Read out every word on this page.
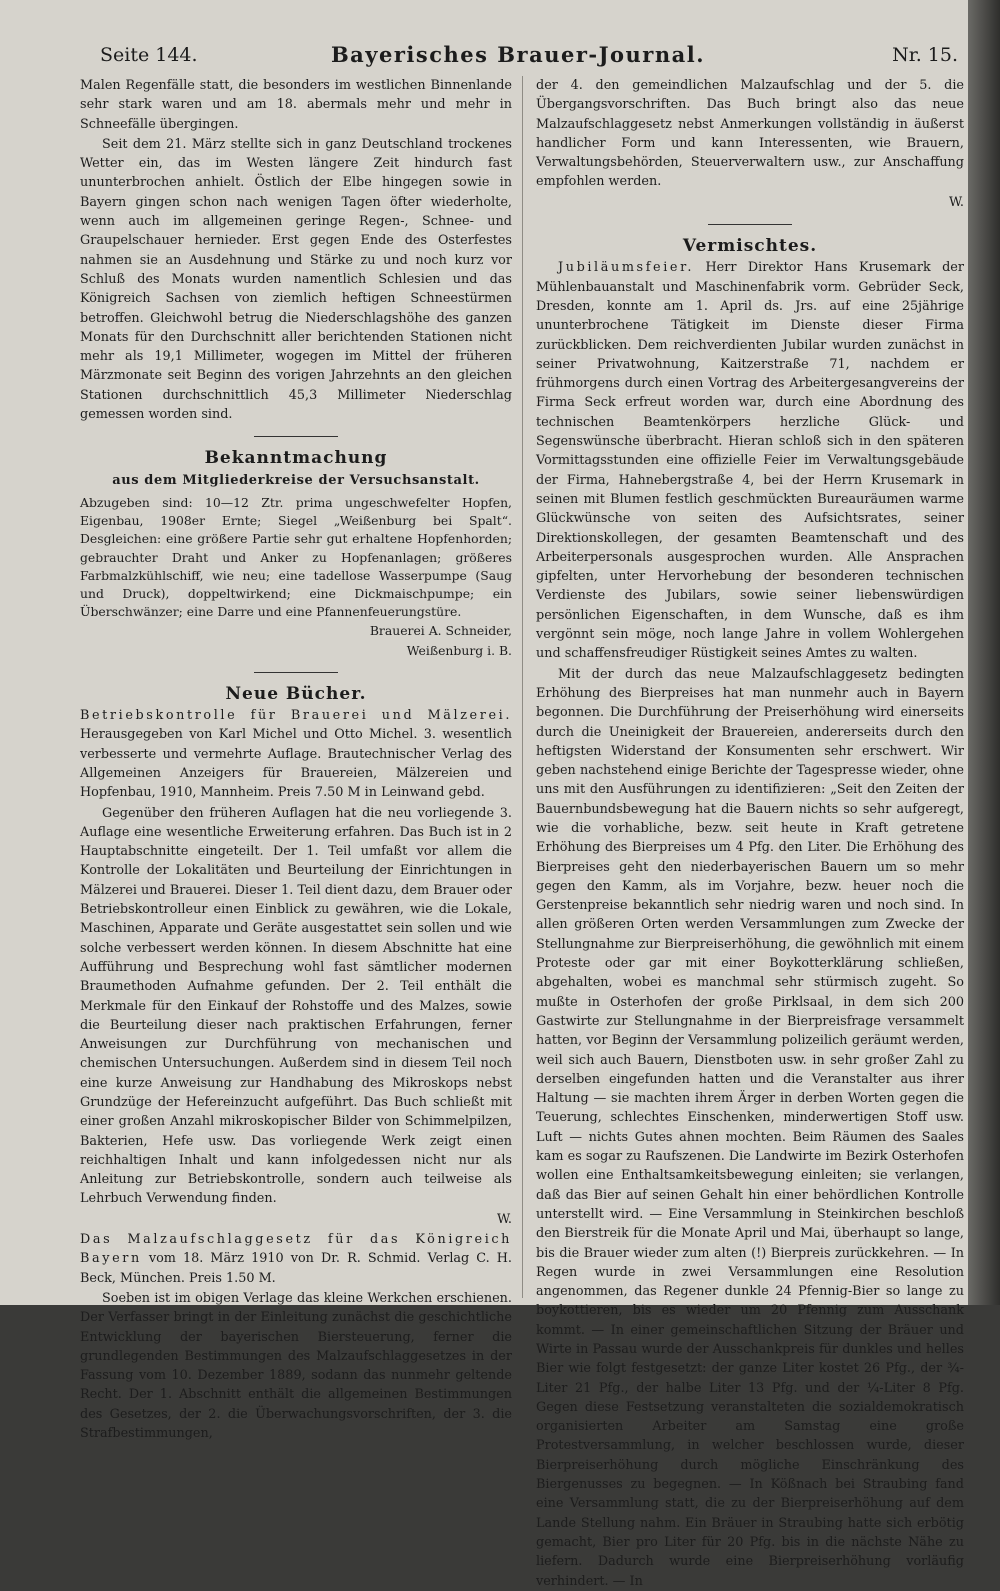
Seite 144.	Bayerisches Brauer-Journal.	Nr. 15.

Malen Regenfälle statt, die besonders im westlichen Binnenlande sehr stark waren und am 18. abermals mehr und mehr in Schneefälle übergingen.

Seit dem 21. März stellte sich in ganz Deutschland trockenes Wetter ein, das im Westen längere Zeit hindurch fast ununterbrochen anhielt. Östlich der Elbe hingegen sowie in Bayern gingen schon nach wenigen Tagen öfter wiederholte, wenn auch im allgemeinen geringe Regen-, Schnee- und Graupelschauer hernieder. Erst gegen Ende des Osterfestes nahmen sie an Ausdehnung und Stärke zu und noch kurz vor Schluß des Monats wurden namentlich Schlesien und das Königreich Sachsen von ziemlich heftigen Schneestürmen betroffen. Gleichwohl betrug die Niederschlagshöhe des ganzen Monats für den Durchschnitt aller berichtenden Stationen nicht mehr als 19,1 Millimeter, wogegen im Mittel der früheren Märzmonate seit Beginn des vorigen Jahrzehnts an den gleichen Stationen durchschnittlich 45,3 Millimeter Niederschlag gemessen worden sind.

Bekanntmachung
aus dem Mitgliederkreise der Versuchsanstalt.

Abzugeben sind: 10—12 Ztr. prima ungeschwefelter Hopfen, Eigenbau, 1908er Ernte; Siegel „Weißenburg bei Spalt“. Desgleichen: eine größere Partie sehr gut erhaltene Hopfenhorden; gebrauchter Draht und Anker zu Hopfenanlagen; größeres Farbmalzkühlschiff, wie neu; eine tadellose Wasserpumpe (Saug und Druck), doppeltwirkend; eine Dickmaischpumpe; ein Überschwänzer; eine Darre und eine Pfannenfeuerungstüre.

Brauerei A. Schneider,

Weißenburg i. B.

Neue Bücher.

Betriebskontrolle für Brauerei und Mälzerei. Herausgegeben von Karl Michel und Otto Michel. 3. wesentlich verbesserte und vermehrte Auflage. Brautechnischer Verlag des Allgemeinen Anzeigers für Brauereien, Mälzereien und Hopfenbau, 1910, Mannheim. Preis 7.50 M in Leinwand gebd.

Gegenüber den früheren Auflagen hat die neu vorliegende 3. Auflage eine wesentliche Erweiterung erfahren. Das Buch ist in 2 Hauptabschnitte eingeteilt. Der 1. Teil umfaßt vor allem die Kontrolle der Lokalitäten und Beurteilung der Einrichtungen in Mälzerei und Brauerei. Dieser 1. Teil dient dazu, dem Brauer oder Betriebskontrolleur einen Einblick zu gewähren, wie die Lokale, Maschinen, Apparate und Geräte ausgestattet sein sollen und wie solche verbessert werden können. In diesem Abschnitte hat eine Aufführung und Besprechung wohl fast sämtlicher modernen Braumethoden Aufnahme gefunden. Der 2. Teil enthält die Merkmale für den Einkauf der Rohstoffe und des Malzes, sowie die Beurteilung dieser nach praktischen Erfahrungen, ferner Anweisungen zur Durchführung von mechanischen und chemischen Untersuchungen. Außerdem sind in diesem Teil noch eine kurze Anweisung zur Handhabung des Mikroskops nebst Grundzüge der Hefereinzucht aufgeführt. Das Buch schließt mit einer großen Anzahl mikroskopischer Bilder von Schimmelpilzen, Bakterien, Hefe usw. Das vorliegende Werk zeigt einen reichhaltigen Inhalt und kann infolgedessen nicht nur als Anleitung zur Betriebskontrolle, sondern auch teilweise als Lehrbuch Verwendung finden.

W.

Das Malzaufschlaggesetz für das Königreich Bayern vom 18. März 1910 von Dr. R. Schmid. Verlag C. H. Beck, München. Preis 1.50 M.

Soeben ist im obigen Verlage das kleine Werkchen erschienen. Der Verfasser bringt in der Einleitung zunächst die geschichtliche Entwicklung der bayerischen Biersteuerung, ferner die grundlegenden Bestimmungen des Malzaufschlaggesetzes in der Fassung vom 10. Dezember 1889, sodann das nunmehr geltende Recht. Der 1. Abschnitt enthält die allgemeinen Bestimmungen des Gesetzes, der 2. die Überwachungsvorschriften, der 3. die Strafbestimmungen,

der 4. den gemeindlichen Malzaufschlag und der 5. die Übergangsvorschriften. Das Buch bringt also das neue Malzaufschlaggesetz nebst Anmerkungen vollständig in äußerst handlicher Form und kann Interessenten, wie Brauern, Verwaltungsbehörden, Steuerverwaltern usw., zur Anschaffung empfohlen werden.

W.

Vermischtes.

Jubiläumsfeier. Herr Direktor Hans Krusemark der Mühlenbauanstalt und Maschinenfabrik vorm. Gebrüder Seck, Dresden, konnte am 1. April ds. Jrs. auf eine 25jährige ununterbrochene Tätigkeit im Dienste dieser Firma zurückblicken. Dem reichverdienten Jubilar wurden zunächst in seiner Privatwohnung, Kaitzerstraße 71, nachdem er frühmorgens durch einen Vortrag des Arbeitergesangvereins der Firma Seck erfreut worden war, durch eine Abordnung des technischen Beamtenkörpers herzliche Glück- und Segenswünsche überbracht. Hieran schloß sich in den späteren Vormittagsstunden eine offizielle Feier im Verwaltungsgebäude der Firma, Hahnebergstraße 4, bei der Herrn Krusemark in seinen mit Blumen festlich geschmückten Bureauräumen warme Glückwünsche von seiten des Aufsichtsrates, seiner Direktionskollegen, der gesamten Beamtenschaft und des Arbeiterpersonals ausgesprochen wurden. Alle Ansprachen gipfelten, unter Hervorhebung der besonderen technischen Verdienste des Jubilars, sowie seiner liebenswürdigen persönlichen Eigenschaften, in dem Wunsche, daß es ihm vergönnt sein möge, noch lange Jahre in vollem Wohlergehen und schaffensfreudiger Rüstigkeit seines Amtes zu walten.

Mit der durch das neue Malzaufschlaggesetz bedingten Erhöhung des Bierpreises hat man nunmehr auch in Bayern begonnen. Die Durchführung der Preiserhöhung wird einerseits durch die Uneinigkeit der Brauereien, andererseits durch den heftigsten Widerstand der Konsumenten sehr erschwert. Wir geben nachstehend einige Berichte der Tagespresse wieder, ohne uns mit den Ausführungen zu identifizieren: „Seit den Zeiten der Bauernbundsbewegung hat die Bauern nichts so sehr aufgeregt, wie die vorhabliche, bezw. seit heute in Kraft getretene Erhöhung des Bierpreises um 4 Pfg. den Liter. Die Erhöhung des Bierpreises geht den niederbayerischen Bauern um so mehr gegen den Kamm, als im Vorjahre, bezw. heuer noch die Gerstenpreise bekanntlich sehr niedrig waren und noch sind. In allen größeren Orten werden Versammlungen zum Zwecke der Stellungnahme zur Bierpreiserhöhung, die gewöhnlich mit einem Proteste oder gar mit einer Boykotterklärung schließen, abgehalten, wobei es manchmal sehr stürmisch zugeht. So mußte in Osterhofen der große Pirklsaal, in dem sich 200 Gastwirte zur Stellungnahme in der Bierpreisfrage versammelt hatten, vor Beginn der Versammlung polizeilich geräumt werden, weil sich auch Bauern, Dienstboten usw. in sehr großer Zahl zu derselben eingefunden hatten und die Veranstalter aus ihrer Haltung — sie machten ihrem Ärger in derben Worten gegen die Teuerung, schlechtes Einschenken, minderwertigen Stoff usw. Luft — nichts Gutes ahnen mochten. Beim Räumen des Saales kam es sogar zu Raufszenen. Die Landwirte im Bezirk Osterhofen wollen eine Enthaltsamkeitsbewegung einleiten; sie verlangen, daß das Bier auf seinen Gehalt hin einer behördlichen Kontrolle unterstellt wird. — Eine Versammlung in Steinkirchen beschloß den Bierstreik für die Monate April und Mai, überhaupt so lange, bis die Brauer wieder zum alten (!) Bierpreis zurückkehren. — In Regen wurde in zwei Versammlungen eine Resolution angenommen, das Regener dunkle 24 Pfennig-Bier so lange zu boykottieren, bis es wieder um 20 Pfennig zum Ausschank kommt. — In einer gemeinschaftlichen Sitzung der Bräuer und Wirte in Passau wurde der Ausschankpreis für dunkles und helles Bier wie folgt festgesetzt: der ganze Liter kostet 26 Pfg., der ¾-Liter 21 Pfg., der halbe Liter 13 Pfg. und der ¼-Liter 8 Pfg. Gegen diese Festsetzung veranstalteten die sozialdemokratisch organisierten Arbeiter am Samstag eine große Protestversammlung, in welcher beschlossen wurde, dieser Bierpreiserhöhung durch mögliche Einschränkung des Biergenusses zu begegnen. — In Kößnach bei Straubing fand eine Versammlung statt, die zu der Bierpreiserhöhung auf dem Lande Stellung nahm. Ein Bräuer in Straubing hatte sich erbötig gemacht, Bier pro Liter für 20 Pfg. bis in die nächste Nähe zu liefern. Dadurch wurde eine Bierpreiserhöhung vorläufig verhindert. — In
